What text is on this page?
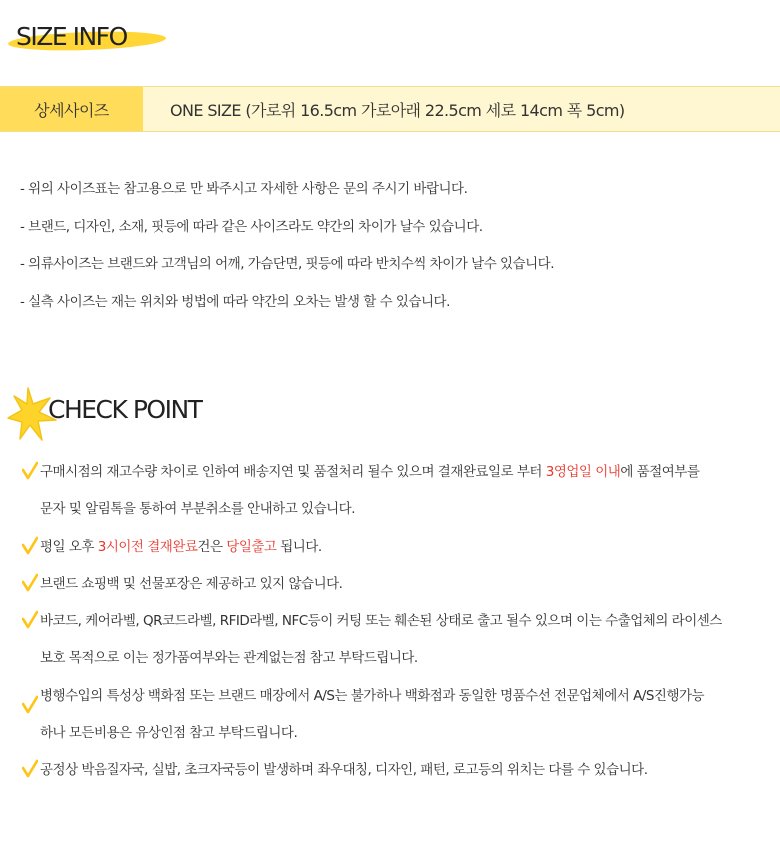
SIZE INFO
상세사이즈	ONE SIZE (가로위 16.5cm 가로아래 22.5cm 세로 14cm 폭 5cm)
- 위의 사이즈표는 참고용으로 만 봐주시고 자세한 사항은 문의 주시기 바랍니다.
- 브랜드, 디자인, 소재, 핏등에 따라 같은 사이즈라도 약간의 차이가 날수 있습니다.
- 의류사이즈는 브랜드와 고객님의 어깨, 가슴단면, 핏등에 따라 반치수씩 차이가 날수 있습니다.
- 실측 사이즈는 재는 위치와 벙법에 따라 약간의 오차는 발생 할 수 있습니다.
CHECK POINT
구매시점의 재고수량 차이로 인하여 배송지연 및 품절처리 될수 있으며 결재완료일로 부터 3영업일 이내에 품절여부를
문자 및 알림톡을 통하여 부분취소를 안내하고 있습니다.
평일 오후 3시이전 결재완료건은 당일출고 됩니다.
브랜드 쇼핑백 및 선물포장은 제공하고 있지 않습니다.
바코드, 케어라벨, QR코드라벨, RFID라벨, NFC등이 커팅 또는 훼손된 상태로 출고 될수 있으며 이는 수출업체의 라이센스
보호 목적으로 이는 정가품여부와는 관계없는점 참고 부탁드립니다.
병행수입의 특성상 백화점 또는 브랜드 매장에서 A/S는 불가하나 백화점과 동일한 명품수선 전문업체에서 A/S진행가능
하나 모든비용은 유상인점 참고 부탁드립니다.
공정상 박음질자국, 실밥, 초크자국등이 발생하며 좌우대칭, 디자인, 패턴, 로고등의 위치는 다를 수 있습니다.
